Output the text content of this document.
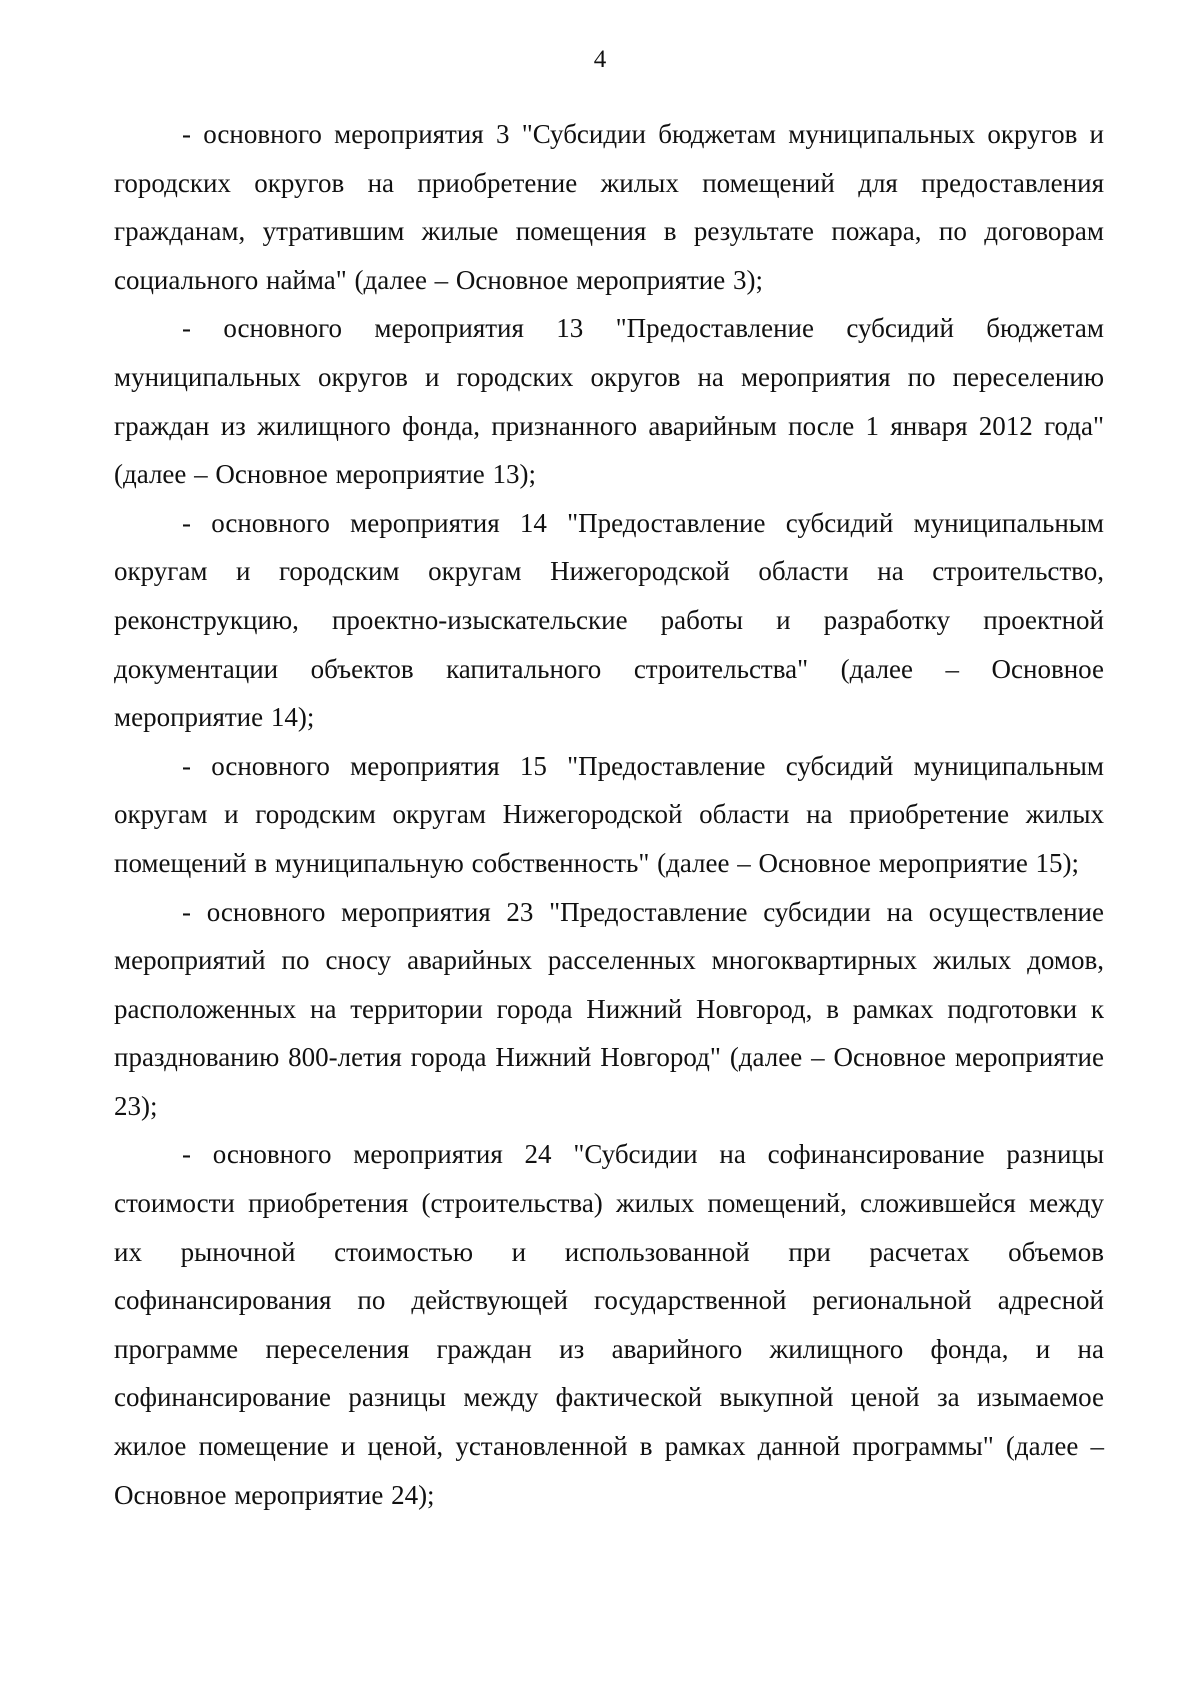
4

- основного мероприятия 3 "Субсидии бюджетам муниципальных округов и городских округов на приобретение жилых помещений для предоставления гражданам, утратившим жилые помещения в результате пожара, по договорам социального найма" (далее – Основное мероприятие 3);

- основного мероприятия 13 "Предоставление субсидий бюджетам муниципальных округов и городских округов на мероприятия по переселению граждан из жилищного фонда, признанного аварийным после 1 января 2012 года" (далее – Основное мероприятие 13);

- основного мероприятия 14 "Предоставление субсидий муниципальным округам и городским округам Нижегородской области на строительство, реконструкцию, проектно-изыскательские работы и разработку проектной документации объектов капитального строительства" (далее – Основное мероприятие 14);

- основного мероприятия 15 "Предоставление субсидий муниципальным округам и городским округам Нижегородской области на приобретение жилых помещений в муниципальную собственность" (далее – Основное мероприятие 15);

- основного мероприятия 23 "Предоставление субсидии на осуществление мероприятий по сносу аварийных расселенных многоквартирных жилых домов, расположенных на территории города Нижний Новгород, в рамках подготовки к празднованию 800-летия города Нижний Новгород" (далее – Основное мероприятие 23);

- основного мероприятия 24 "Субсидии на софинансирование разницы стоимости приобретения (строительства) жилых помещений, сложившейся между их рыночной стоимостью и использованной при расчетах объемов софинансирования по действующей государственной региональной адресной программе переселения граждан из аварийного жилищного фонда, и на софинансирование разницы между фактической выкупной ценой за изымаемое жилое помещение и ценой, установленной в рамках данной программы" (далее – Основное мероприятие 24);
